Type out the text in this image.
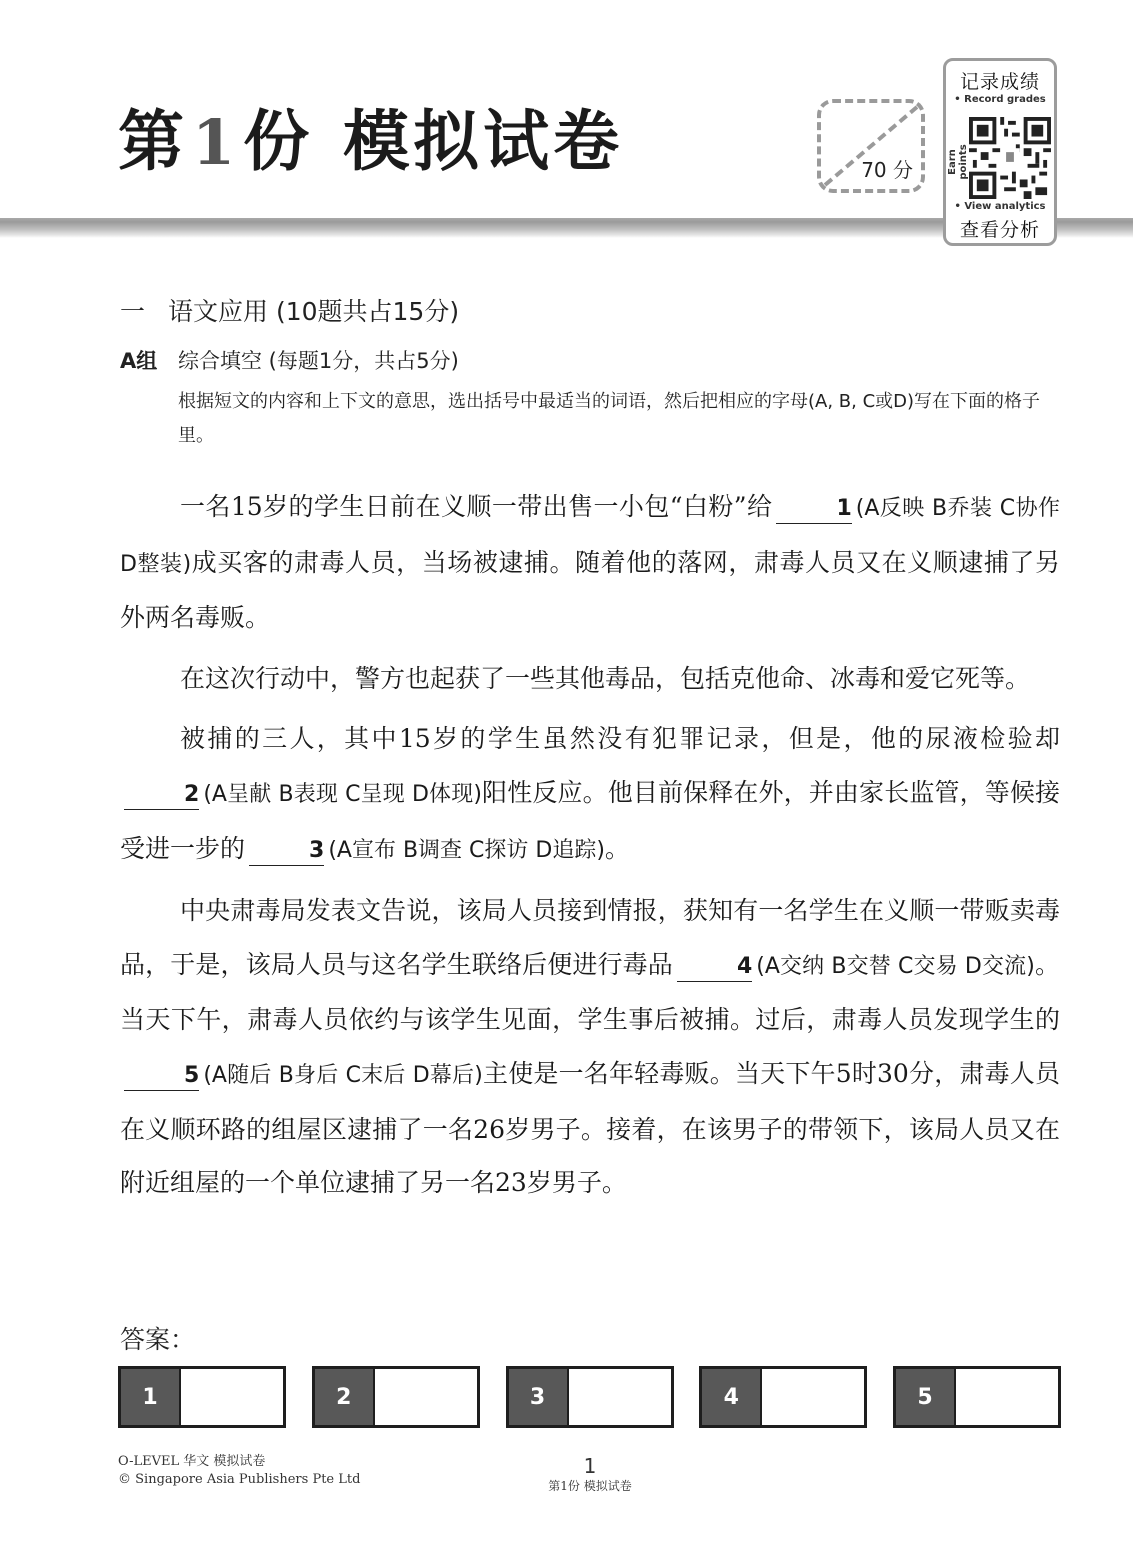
第1份 模拟试卷	70 分
记录成绩
• Record grades
Earn points
• View analytics
查看分析
一 语文应用 (10题共占15分)
A组 综合填空 (每题1分，共占5分)
根据短文的内容和上下文的意思，选出括号中最适当的词语，然后把相应的字母(A, B, C或D)写在下面的格子里。

一名15岁的学生日前在义顺一带出售一小包“白粉”给	1 (A反映 B乔装 C协作 D整装)成买客的肃毒人员，当场被逮捕。随着他的落网，肃毒人员又在义顺逮捕了另外两名毒贩。

在这次行动中，警方也起获了一些其他毒品，包括克他命、冰毒和爱它死等。

被捕的三人，其中15岁的学生虽然没有犯罪记录，但是，他的尿液检验却2 (A呈献 B表现 C呈现 D体现)阳性反应。他目前保释在外，并由家长监管，等候接受进一步的	3 (A宣布 B调查 C探访 D追踪)。

中央肃毒局发表文告说，该局人员接到情报，获知有一名学生在义顺一带贩卖毒品，于是，该局人员与这名学生联络后便进行毒品	4 (A交纳 B交替 C交易 D交流)。当天下午，肃毒人员依约与该学生见面，学生事后被捕。过后，肃毒人员发现学生的5 (A随后 B身后 C末后 D幕后)主使是一名年轻毒贩。当天下午5时30分，肃毒人员在义顺环路的组屋区逮捕了一名26岁男子。接着，在该男子的带领下，该局人员又在附近组屋的一个单位逮捕了另一名23岁男子。

答案：
1	2	3	4	5
O-LEVEL 华文 模拟试卷
© Singapore Asia Publishers Pte Ltd
1
第1份 模拟试卷
